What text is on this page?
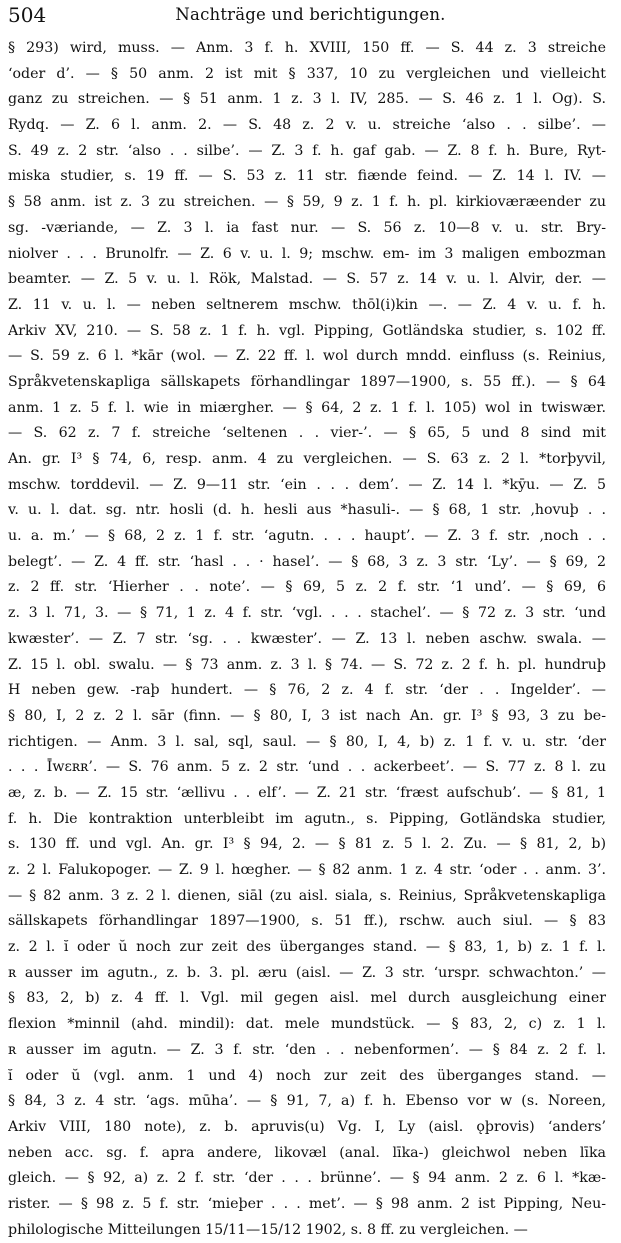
504	Nachträge und berichtigungen.
§ 293) wird, muss. — Anm. 3 f. h. XVIII, 150 ff. — S. 44 z. 3 streiche
‘oder d’. — § 50 anm. 2 ist mit § 337, 10 zu vergleichen und vielleicht
ganz zu streichen. — § 51 anm. 1 z. 3 l. IV, 285. — S. 46 z. 1 l. Og). S.
Rydq. — Z. 6 l. anm. 2. — S. 48 z. 2 v. u. streiche ‘also . . silbe’. —
S. 49 z. 2 str. ‘also . . silbe’. — Z. 3 f. h. gaf gab. — Z. 8 f. h. Bure, Ryt-
miska studier, s. 19 ff. — S. 53 z. 11 str. fiænde feind. — Z. 14 l. IV. —
§ 58 anm. ist z. 3 zu streichen. — § 59, 9 z. 1 f. h. pl. kirkioværæender zu
sg. -væriande, — Z. 3 l. ia fast nur. — S. 56 z. 10—8 v. u. str. Bry-
niolver . . . Brunolfr. — Z. 6 v. u. l. 9; mschw. em- im 3 maligen embozman
beamter. — Z. 5 v. u. l. Rök, Malstad. — S. 57 z. 14 v. u. l. Alvir, der. —
Z. 11 v. u. l. — neben seltnerem mschw. thōl(i)kin —. — Z. 4 v. u. f. h.
Arkiv XV, 210. — S. 58 z. 1 f. h. vgl. Pipping, Gotländska studier, s. 102 ff.
— S. 59 z. 6 l. *kār (wol. — Z. 22 ff. l. wol durch mndd. einfluss (s. Reinius,
Språkvetenskapliga sällskapets förhandlingar 1897—1900, s. 55 ff.). — § 64
anm. 1 z. 5 f. l. wie in miærgher. — § 64, 2 z. 1 f. l. 105) wol in twiswær.
— S. 62 z. 7 f. streiche ‘seltenen . . vier-’. — § 65, 5 und 8 sind mit
An. gr. I³ § 74, 6, resp. anm. 4 zu vergleichen. — S. 63 z. 2 l. *torþyvil,
mschw. torddevil. — Z. 9—11 str. ‘ein . . . dem’. — Z. 14 l. *kȳu. — Z. 5
v. u. l. dat. sg. ntr. hosli (d. h. hesli aus *hasuli-. — § 68, 1 str. ‚hovuþ . .
u. a. m.’ — § 68, 2 z. 1 f. str. ‘agutn. . . . haupt’. — Z. 3 f. str. ‚noch . .
belegt’. — Z. 4 ff. str. ‘hasl . . · hasel’. — § 68, 3 z. 3 str. ‘Ly’. — § 69, 2
z. 2 ff. str. ‘Hierher . . note’. — § 69, 5 z. 2 f. str. ‘1 und’. — § 69, 6
z. 3 l. 71, 3. — § 71, 1 z. 4 f. str. ‘vgl. . . . stachel’. — § 72 z. 3 str. ‘und
kwæster’. — Z. 7 str. ‘sg. . . kwæster’. — Z. 13 l. neben aschw. swala. —
Z. 15 l. obl. swalu. — § 73 anm. z. 3 l. § 74. — S. 72 z. 2 f. h. pl. hundruþ
H neben gew. -raþ hundert. — § 76, 2 z. 4 f. str. ‘der . . Ingelder’. —
§ 80, I, 2 z. 2 l. sār (finn. — § 80, I, 3 ist nach An. gr. I³ § 93, 3 zu be-
richtigen. — Anm. 3 l. sal, sql, saul. — § 80, I, 4, b) z. 1 f. v. u. str. ‘der
. . . Īwɛʀʀ’. — S. 76 anm. 5 z. 2 str. ‘und . . ackerbeet’. — S. 77 z. 8 l. zu
æ, z. b. — Z. 15 str. ‘ællivu . . elf’. — Z. 21 str. ‘fræst aufschub’. — § 81, 1
f. h. Die kontraktion unterbleibt im agutn., s. Pipping, Gotländska studier,
s. 130 ff. und vgl. An. gr. I³ § 94, 2. — § 81 z. 5 l. 2. Zu. — § 81, 2, b)
z. 2 l. Falukopoger. — Z. 9 l. hœgher. — § 82 anm. 1 z. 4 str. ‘oder . . anm. 3’.
— § 82 anm. 3 z. 2 l. dienen, siāl (zu aisl. siala, s. Reinius, Språkvetenskapliga
sällskapets förhandlingar 1897—1900, s. 51 ff.), rschw. auch siul. — § 83
z. 2 l. ĭ oder ŭ noch zur zeit des überganges stand. — § 83, 1, b) z. 1 f. l.
ʀ ausser im agutn., z. b. 3. pl. æru (aisl. — Z. 3 str. ‘urspr. schwachton.’ —
§ 83, 2, b) z. 4 ff. l. Vgl. mil gegen aisl. mel durch ausgleichung einer
flexion *minnil (ahd. mindil): dat. mele mundstück. — § 83, 2, c) z. 1 l.
ʀ ausser im agutn. — Z. 3 f. str. ‘den . . nebenformen’. — § 84 z. 2 f. l.
ĭ oder ŭ (vgl. anm. 1 und 4) noch zur zeit des überganges stand. —
§ 84, 3 z. 4 str. ‘ags. mūha’. — § 91, 7, a) f. h. Ebenso vor w (s. Noreen,
Arkiv VIII, 180 note), z. b. apruvis(u) Vg. I, Ly (aisl. ǫþrovis) ‘anders’
neben acc. sg. f. apra andere, likovæl (anal. līka-) gleichwol neben līka
gleich. — § 92, a) z. 2 f. str. ‘der . . . brünne’. — § 94 anm. 2 z. 6 l. *kæ-
rister. — § 98 z. 5 f. str. ‘mieþer . . . met’. — § 98 anm. 2 ist Pipping, Neu-
philologische Mitteilungen 15/11—15/12 1902, s. 8 ff. zu vergleichen. —
